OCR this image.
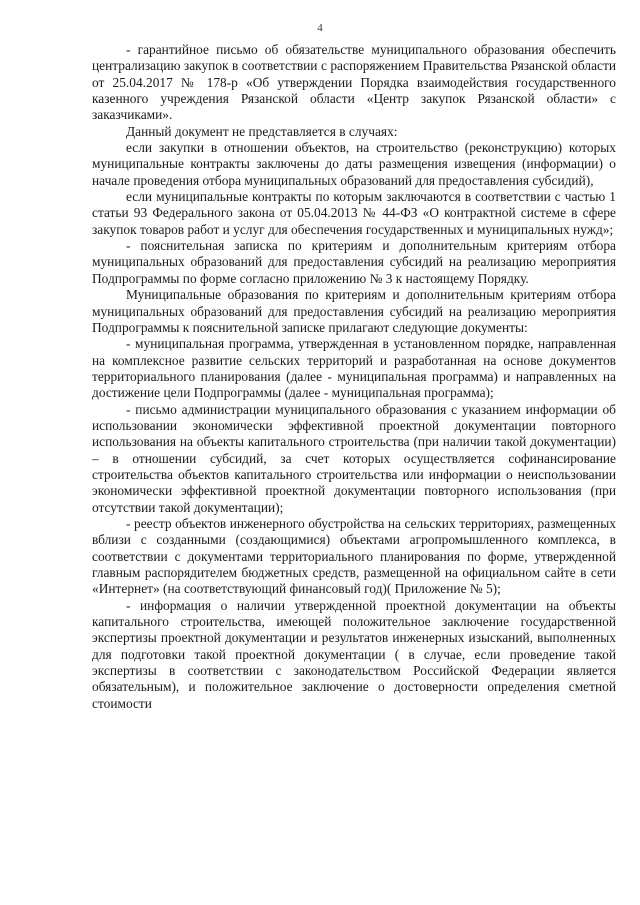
4

- гарантийное письмо об обязательстве муниципального образования обеспечить централизацию закупок в соответствии с распоряжением Правительства Рязанской области от 25.04.2017 № 178-р «Об утверждении Порядка взаимодействия государственного казенного учреждения Рязанской области «Центр закупок Рязанской области» с заказчиками».

Данный документ не представляется в случаях:

если закупки в отношении объектов, на строительство (реконструкцию) которых муниципальные контракты заключены до даты размещения извещения (информации) о начале проведения отбора муниципальных образований для предоставления субсидий),

если муниципальные контракты по которым заключаются в соответствии с частью 1 статьи 93 Федерального закона от 05.04.2013 № 44-ФЗ «О контрактной системе в сфере закупок товаров работ и услуг для обеспечения государственных и муниципальных нужд»;

- пояснительная записка по критериям и дополнительным критериям отбора муниципальных образований для предоставления субсидий на реализацию мероприятия Подпрограммы по форме согласно приложению № 3 к настоящему Порядку.

Муниципальные образования по критериям и дополнительным критериям отбора муниципальных образований для предоставления субсидий на реализацию мероприятия Подпрограммы к пояснительной записке прилагают следующие документы:

- муниципальная программа, утвержденная в установленном порядке, направленная на комплексное развитие сельских территорий и разработанная на основе документов территориального планирования (далее - муниципальная программа) и направленных на достижение цели Подпрограммы (далее - муниципальная программа);

- письмо администрации муниципального образования с указанием информации об использовании экономически эффективной проектной документации повторного использования на объекты капитального строительства (при наличии такой документации) – в отношении субсидий, за счет которых осуществляется софинансирование строительства объектов капитального строительства или информации о неиспользовании экономически эффективной проектной документации повторного использования (при отсутствии такой документации);

- реестр объектов инженерного обустройства на сельских территориях, размещенных вблизи с созданными (создающимися) объектами агропромышленного комплекса, в соответствии с документами территориального планирования по форме, утвержденной главным распорядителем бюджетных средств, размещенной на официальном сайте в сети «Интернет» (на соответствующий финансовый год)( Приложение № 5);

- информация о наличии утвержденной проектной документации на объекты капитального строительства, имеющей положительное заключение государственной экспертизы проектной документации и результатов инженерных изысканий, выполненных для подготовки такой проектной документации ( в случае, если проведение такой экспертизы в соответствии с законодательством Российской Федерации является обязательным), и положительное заключение о достоверности определения сметной стоимости
